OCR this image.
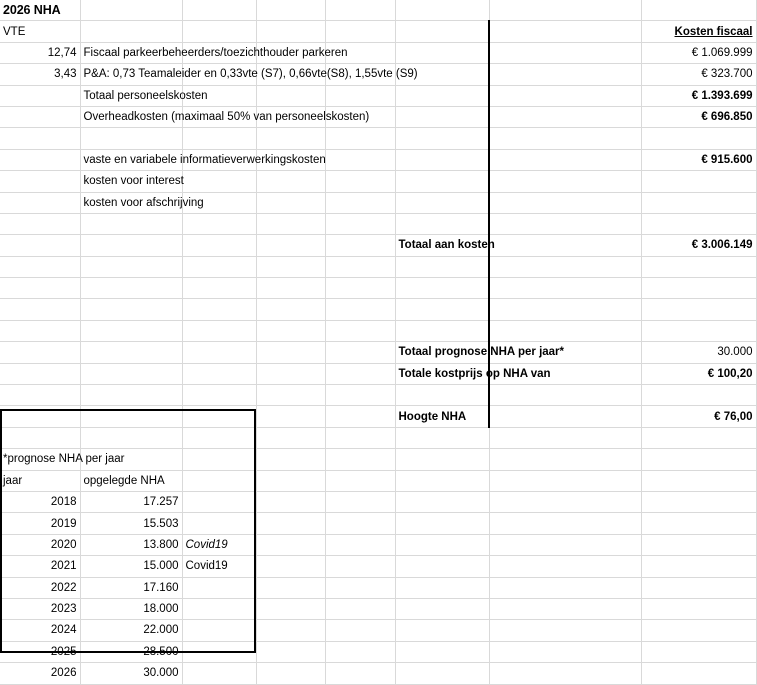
2026 NHA							
VTE							Kosten fiscaal
12,74	Fiscaal parkeerbeheerders/toezichthouder parkeren						€ 1.069.999
3,43	P&A: 0,73 Teamaleider en 0,33vte (S7), 0,66vte(S8), 1,55vte (S9)						€ 323.700
	Totaal personeelskosten						€ 1.393.699
	Overheadkosten (maximaal 50% van personeelskosten)						€ 696.850

	vaste en variabele informatieverwerkingskosten						€ 915.600
	kosten voor interest						
	kosten voor afschrijving						

					Totaal aan kosten		€ 3.006.149

					Totaal prognose NHA per jaar*		30.000
					Totale kostprijs op NHA van		€ 100,20

					Hoogte NHA		€ 76,00

*prognose NHA per jaar							
jaar	opgelegde NHA						
2018	17.257						
2019	15.503						
2020	13.800	Covid19					
2021	15.000	Covid19					
2022	17.160						
2023	18.000						
2024	22.000						
2025	28.500						
2026	30.000						
